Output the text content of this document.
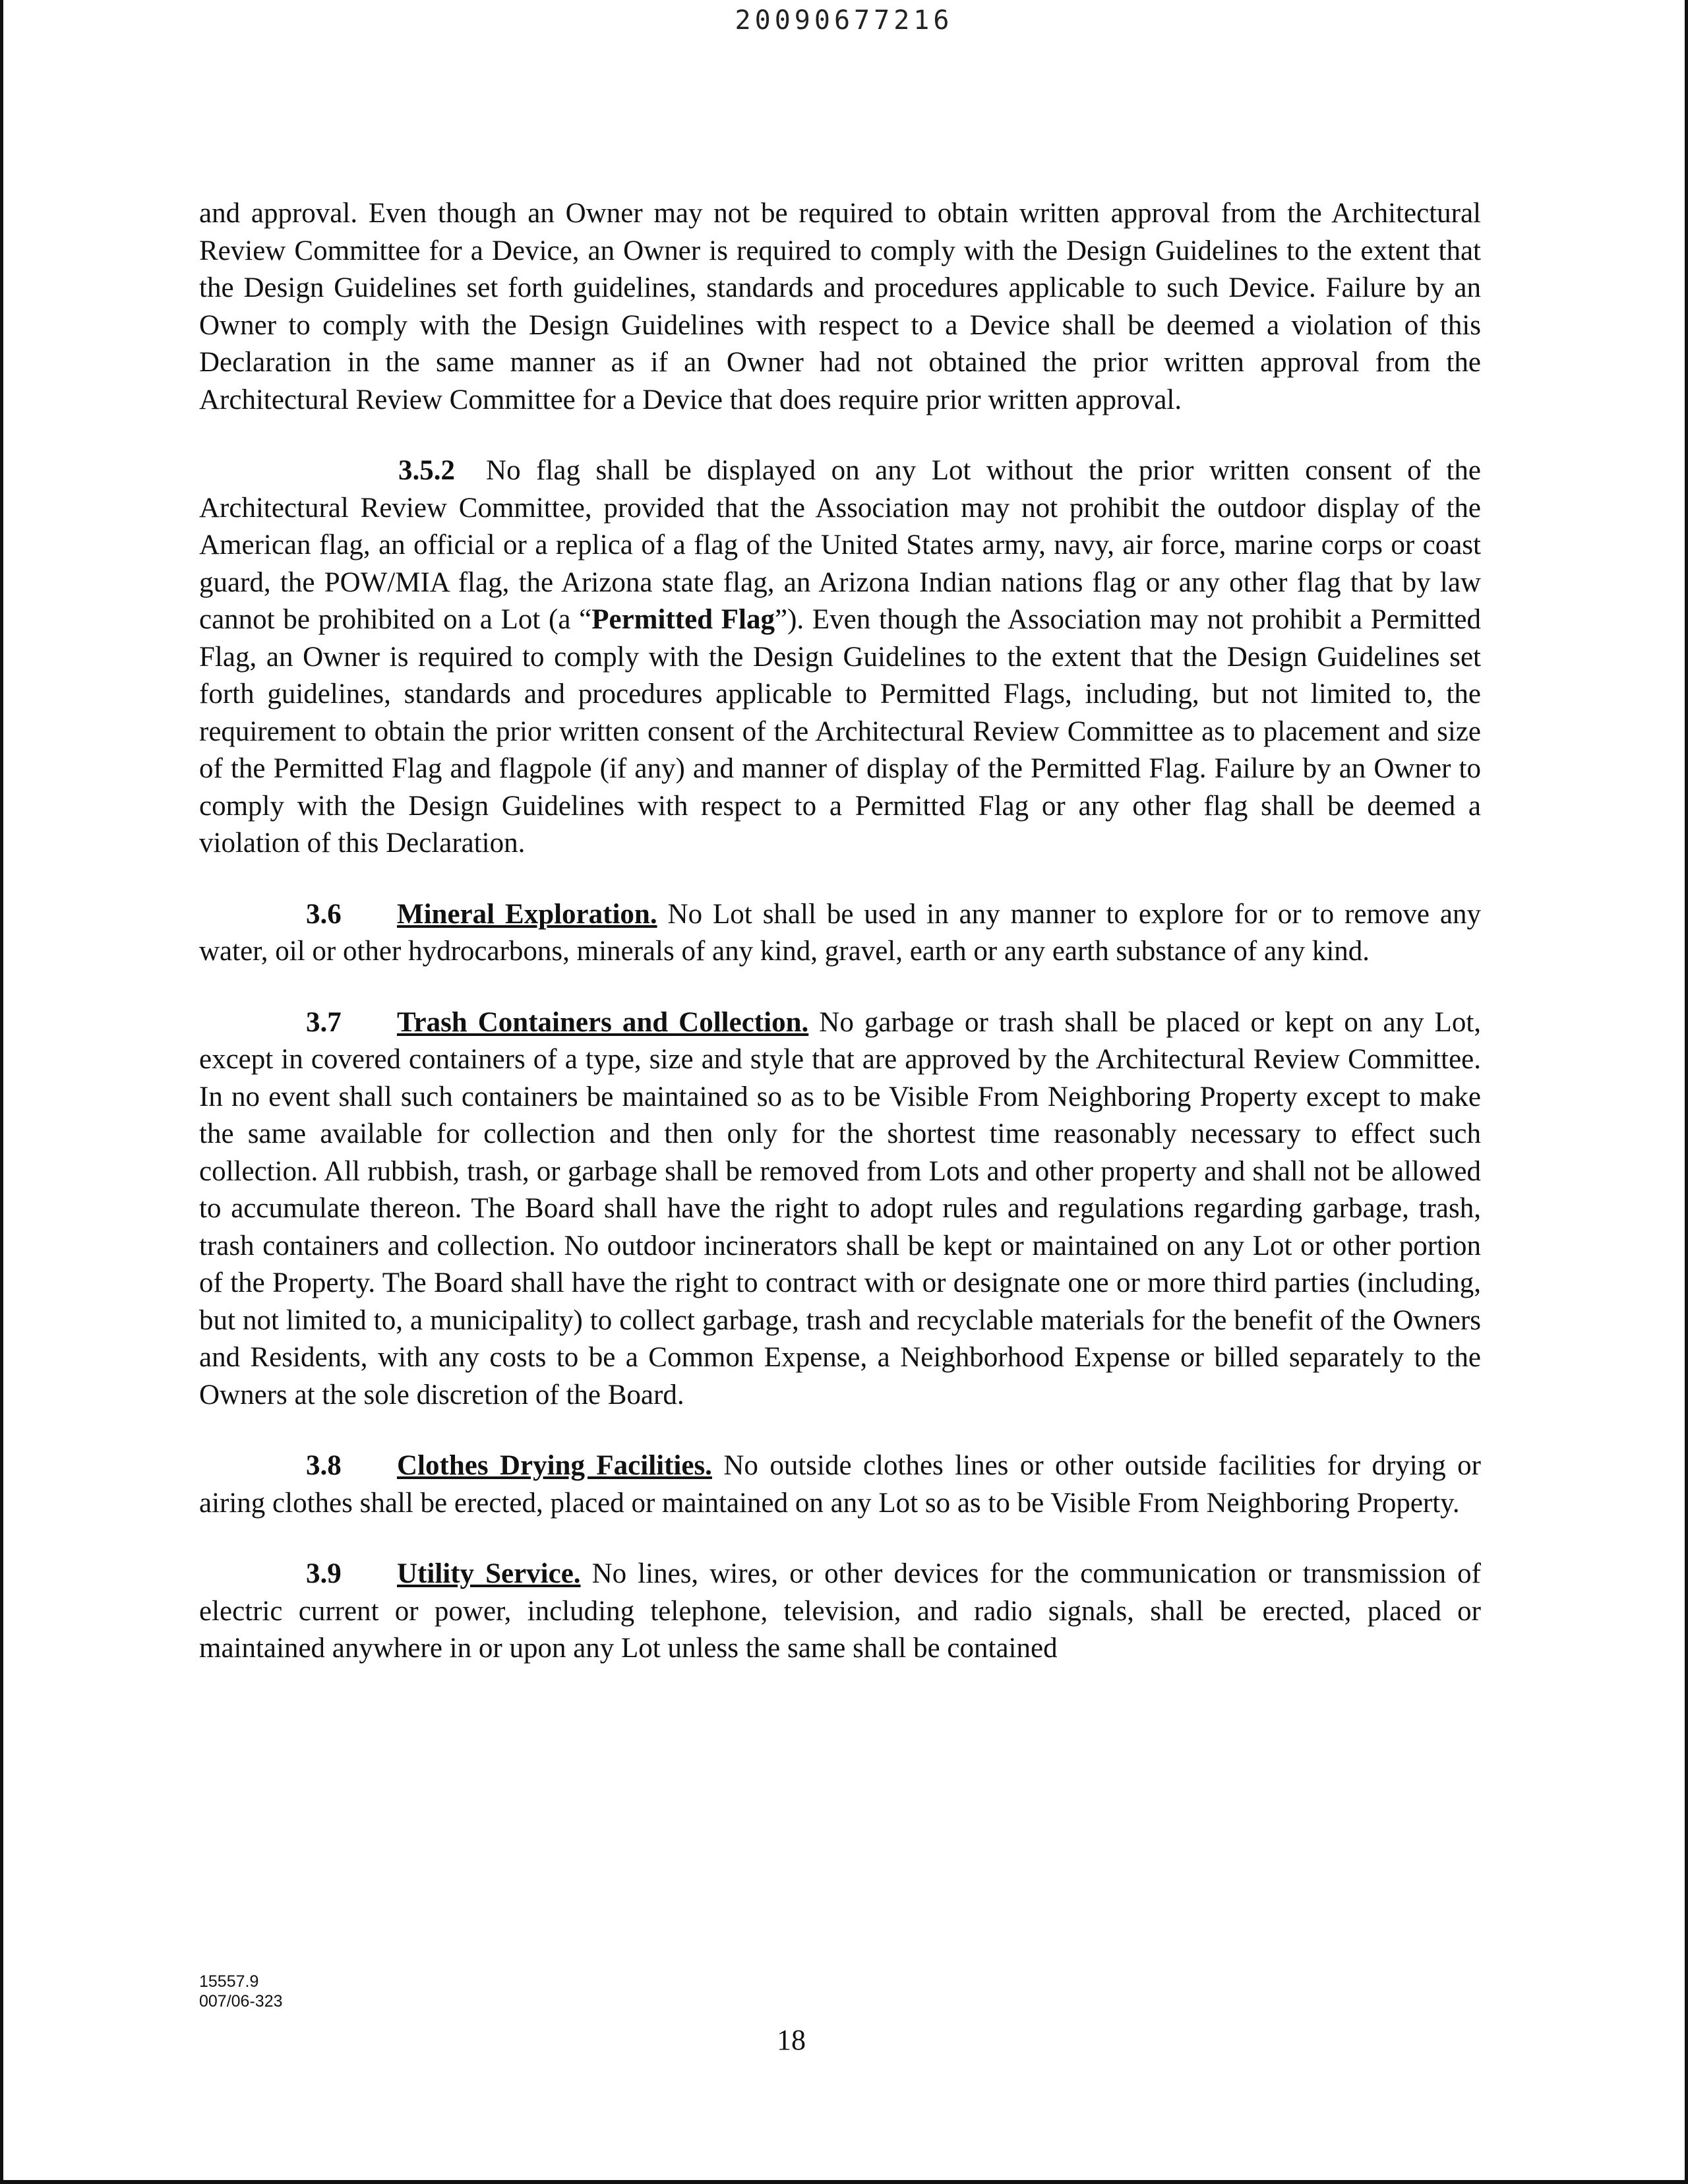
20090677216

and approval. Even though an Owner may not be required to obtain written approval from the Architectural Review Committee for a Device, an Owner is required to comply with the Design Guidelines to the extent that the Design Guidelines set forth guidelines, standards and procedures applicable to such Device. Failure by an Owner to comply with the Design Guidelines with respect to a Device shall be deemed a violation of this Declaration in the same manner as if an Owner had not obtained the prior written approval from the Architectural Review Committee for a Device that does require prior written approval.

3.5.2 No flag shall be displayed on any Lot without the prior written consent of the Architectural Review Committee, provided that the Association may not prohibit the outdoor display of the American flag, an official or a replica of a flag of the United States army, navy, air force, marine corps or coast guard, the POW/MIA flag, the Arizona state flag, an Arizona Indian nations flag or any other flag that by law cannot be prohibited on a Lot (a “Permitted Flag”). Even though the Association may not prohibit a Permitted Flag, an Owner is required to comply with the Design Guidelines to the extent that the Design Guidelines set forth guidelines, standards and procedures applicable to Permitted Flags, including, but not limited to, the requirement to obtain the prior written consent of the Architectural Review Committee as to placement and size of the Permitted Flag and flagpole (if any) and manner of display of the Permitted Flag. Failure by an Owner to comply with the Design Guidelines with respect to a Permitted Flag or any other flag shall be deemed a violation of this Declaration.

3.6 Mineral Exploration. No Lot shall be used in any manner to explore for or to remove any water, oil or other hydrocarbons, minerals of any kind, gravel, earth or any earth substance of any kind.

3.7 Trash Containers and Collection. No garbage or trash shall be placed or kept on any Lot, except in covered containers of a type, size and style that are approved by the Architectural Review Committee. In no event shall such containers be maintained so as to be Visible From Neighboring Property except to make the same available for collection and then only for the shortest time reasonably necessary to effect such collection. All rubbish, trash, or garbage shall be removed from Lots and other property and shall not be allowed to accumulate thereon. The Board shall have the right to adopt rules and regulations regarding garbage, trash, trash containers and collection. No outdoor incinerators shall be kept or maintained on any Lot or other portion of the Property. The Board shall have the right to contract with or designate one or more third parties (including, but not limited to, a municipality) to collect garbage, trash and recyclable materials for the benefit of the Owners and Residents, with any costs to be a Common Expense, a Neighborhood Expense or billed separately to the Owners at the sole discretion of the Board.

3.8 Clothes Drying Facilities. No outside clothes lines or other outside facilities for drying or airing clothes shall be erected, placed or maintained on any Lot so as to be Visible From Neighboring Property.

3.9 Utility Service. No lines, wires, or other devices for the communication or transmission of electric current or power, including telephone, television, and radio signals, shall be erected, placed or maintained anywhere in or upon any Lot unless the same shall be contained

15557.9
007/06-323
18
